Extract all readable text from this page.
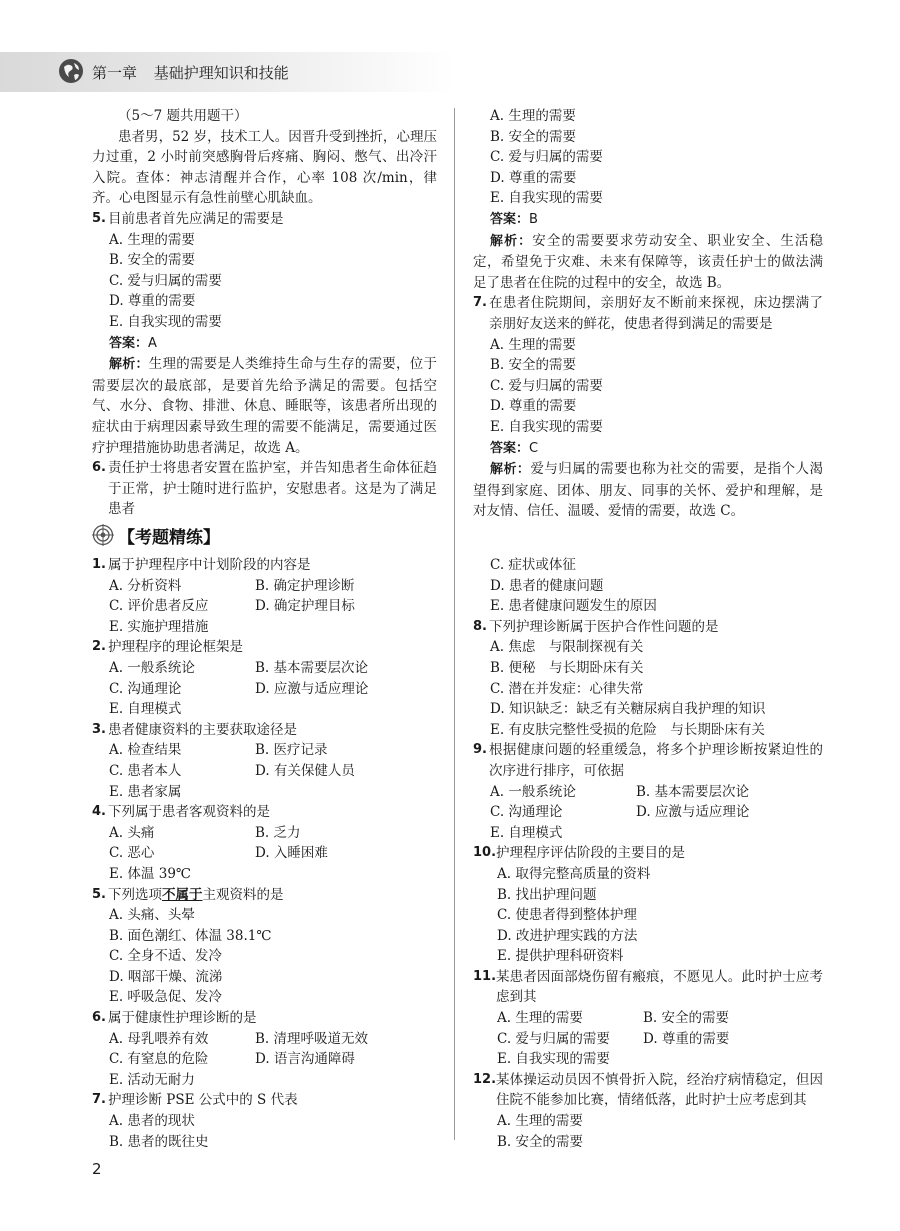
第一章 基础护理知识和技能

（5～7 题共用题干）

患者男，52 岁，技术工人。因晋升受到挫折，心理压力过重，2 小时前突感胸骨后疼痛、胸闷、憋气、出冷汗入院。查体：神志清醒并合作，心率 108 次/min，律齐。心电图显示有急性前壁心肌缺血。

5. 目前患者首先应满足的需要是

A. 生理的需要

B. 安全的需要

C. 爱与归属的需要

D. 尊重的需要

E. 自我实现的需要

答案：A

解析：生理的需要是人类维持生命与生存的需要，位于需要层次的最底部，是要首先给予满足的需要。包括空气、水分、食物、排泄、休息、睡眠等，该患者所出现的症状由于病理因素导致生理的需要不能满足，需要通过医疗护理措施协助患者满足，故选 A。

6. 责任护士将患者安置在监护室，并告知患者生命体征趋于正常，护士随时进行监护，安慰患者。这是为了满足患者

A. 生理的需要

B. 安全的需要

C. 爱与归属的需要

D. 尊重的需要

E. 自我实现的需要

答案：B

解析：安全的需要要求劳动安全、职业安全、生活稳定，希望免于灾难、未来有保障等，该责任护士的做法满足了患者在住院的过程中的安全，故选 B。

7. 在患者住院期间，亲朋好友不断前来探视，床边摆满了亲朋好友送来的鲜花，使患者得到满足的需要是

A. 生理的需要

B. 安全的需要

C. 爱与归属的需要

D. 尊重的需要

E. 自我实现的需要

答案：C

解析：爱与归属的需要也称为社交的需要，是指个人渴望得到家庭、团体、朋友、同事的关怀、爱护和理解，是对友情、信任、温暖、爱情的需要，故选 C。

【考题精练】
1. 属于护理程序中计划阶段的内容是
A. 分析资料	B. 确定护理诊断
C. 评价患者反应	D. 确定护理目标

E. 实施护理措施

2. 护理程序的理论框架是
A. 一般系统论	B. 基本需要层次论
C. 沟通理论	D. 应激与适应理论

E. 自理模式

3. 患者健康资料的主要获取途径是
A. 检查结果	B. 医疗记录
C. 患者本人	D. 有关保健人员

E. 患者家属

4. 下列属于患者客观资料的是
A. 头痛	B. 乏力
C. 恶心	D. 入睡困难

E. 体温 39℃

5. 下列选项不属于主观资料的是

A. 头痛、头晕

B. 面色潮红、体温 38.1℃

C. 全身不适、发冷

D. 咽部干燥、流涕

E. 呼吸急促、发冷

6. 属于健康性护理诊断的是
A. 母乳喂养有效	B. 清理呼吸道无效
C. 有窒息的危险	D. 语言沟通障碍

E. 活动无耐力

7. 护理诊断 PSE 公式中的 S 代表

A. 患者的现状

B. 患者的既往史

C. 症状或体征

D. 患者的健康问题

E. 患者健康问题发生的原因

8. 下列护理诊断属于医护合作性问题的是

A. 焦虑　与限制探视有关

B. 便秘　与长期卧床有关

C. 潜在并发症：心律失常

D. 知识缺乏：缺乏有关糖尿病自我护理的知识

E. 有皮肤完整性受损的危险　与长期卧床有关

9. 根据健康问题的轻重缓急，将多个护理诊断按紧迫性的次序进行排序，可依据
A. 一般系统论	B. 基本需要层次论
C. 沟通理论	D. 应激与适应理论

E. 自理模式

10. 护理程序评估阶段的主要目的是

A. 取得完整高质量的资料

B. 找出护理问题

C. 使患者得到整体护理

D. 改进护理实践的方法

E. 提供护理科研资料

11. 某患者因面部烧伤留有瘢痕，不愿见人。此时护士应考虑到其
A. 生理的需要	B. 安全的需要
C. 爱与归属的需要	D. 尊重的需要

E. 自我实现的需要

12. 某体操运动员因不慎骨折入院，经治疗病情稳定，但因住院不能参加比赛，情绪低落，此时护士应考虑到其

A. 生理的需要

B. 安全的需要

2
